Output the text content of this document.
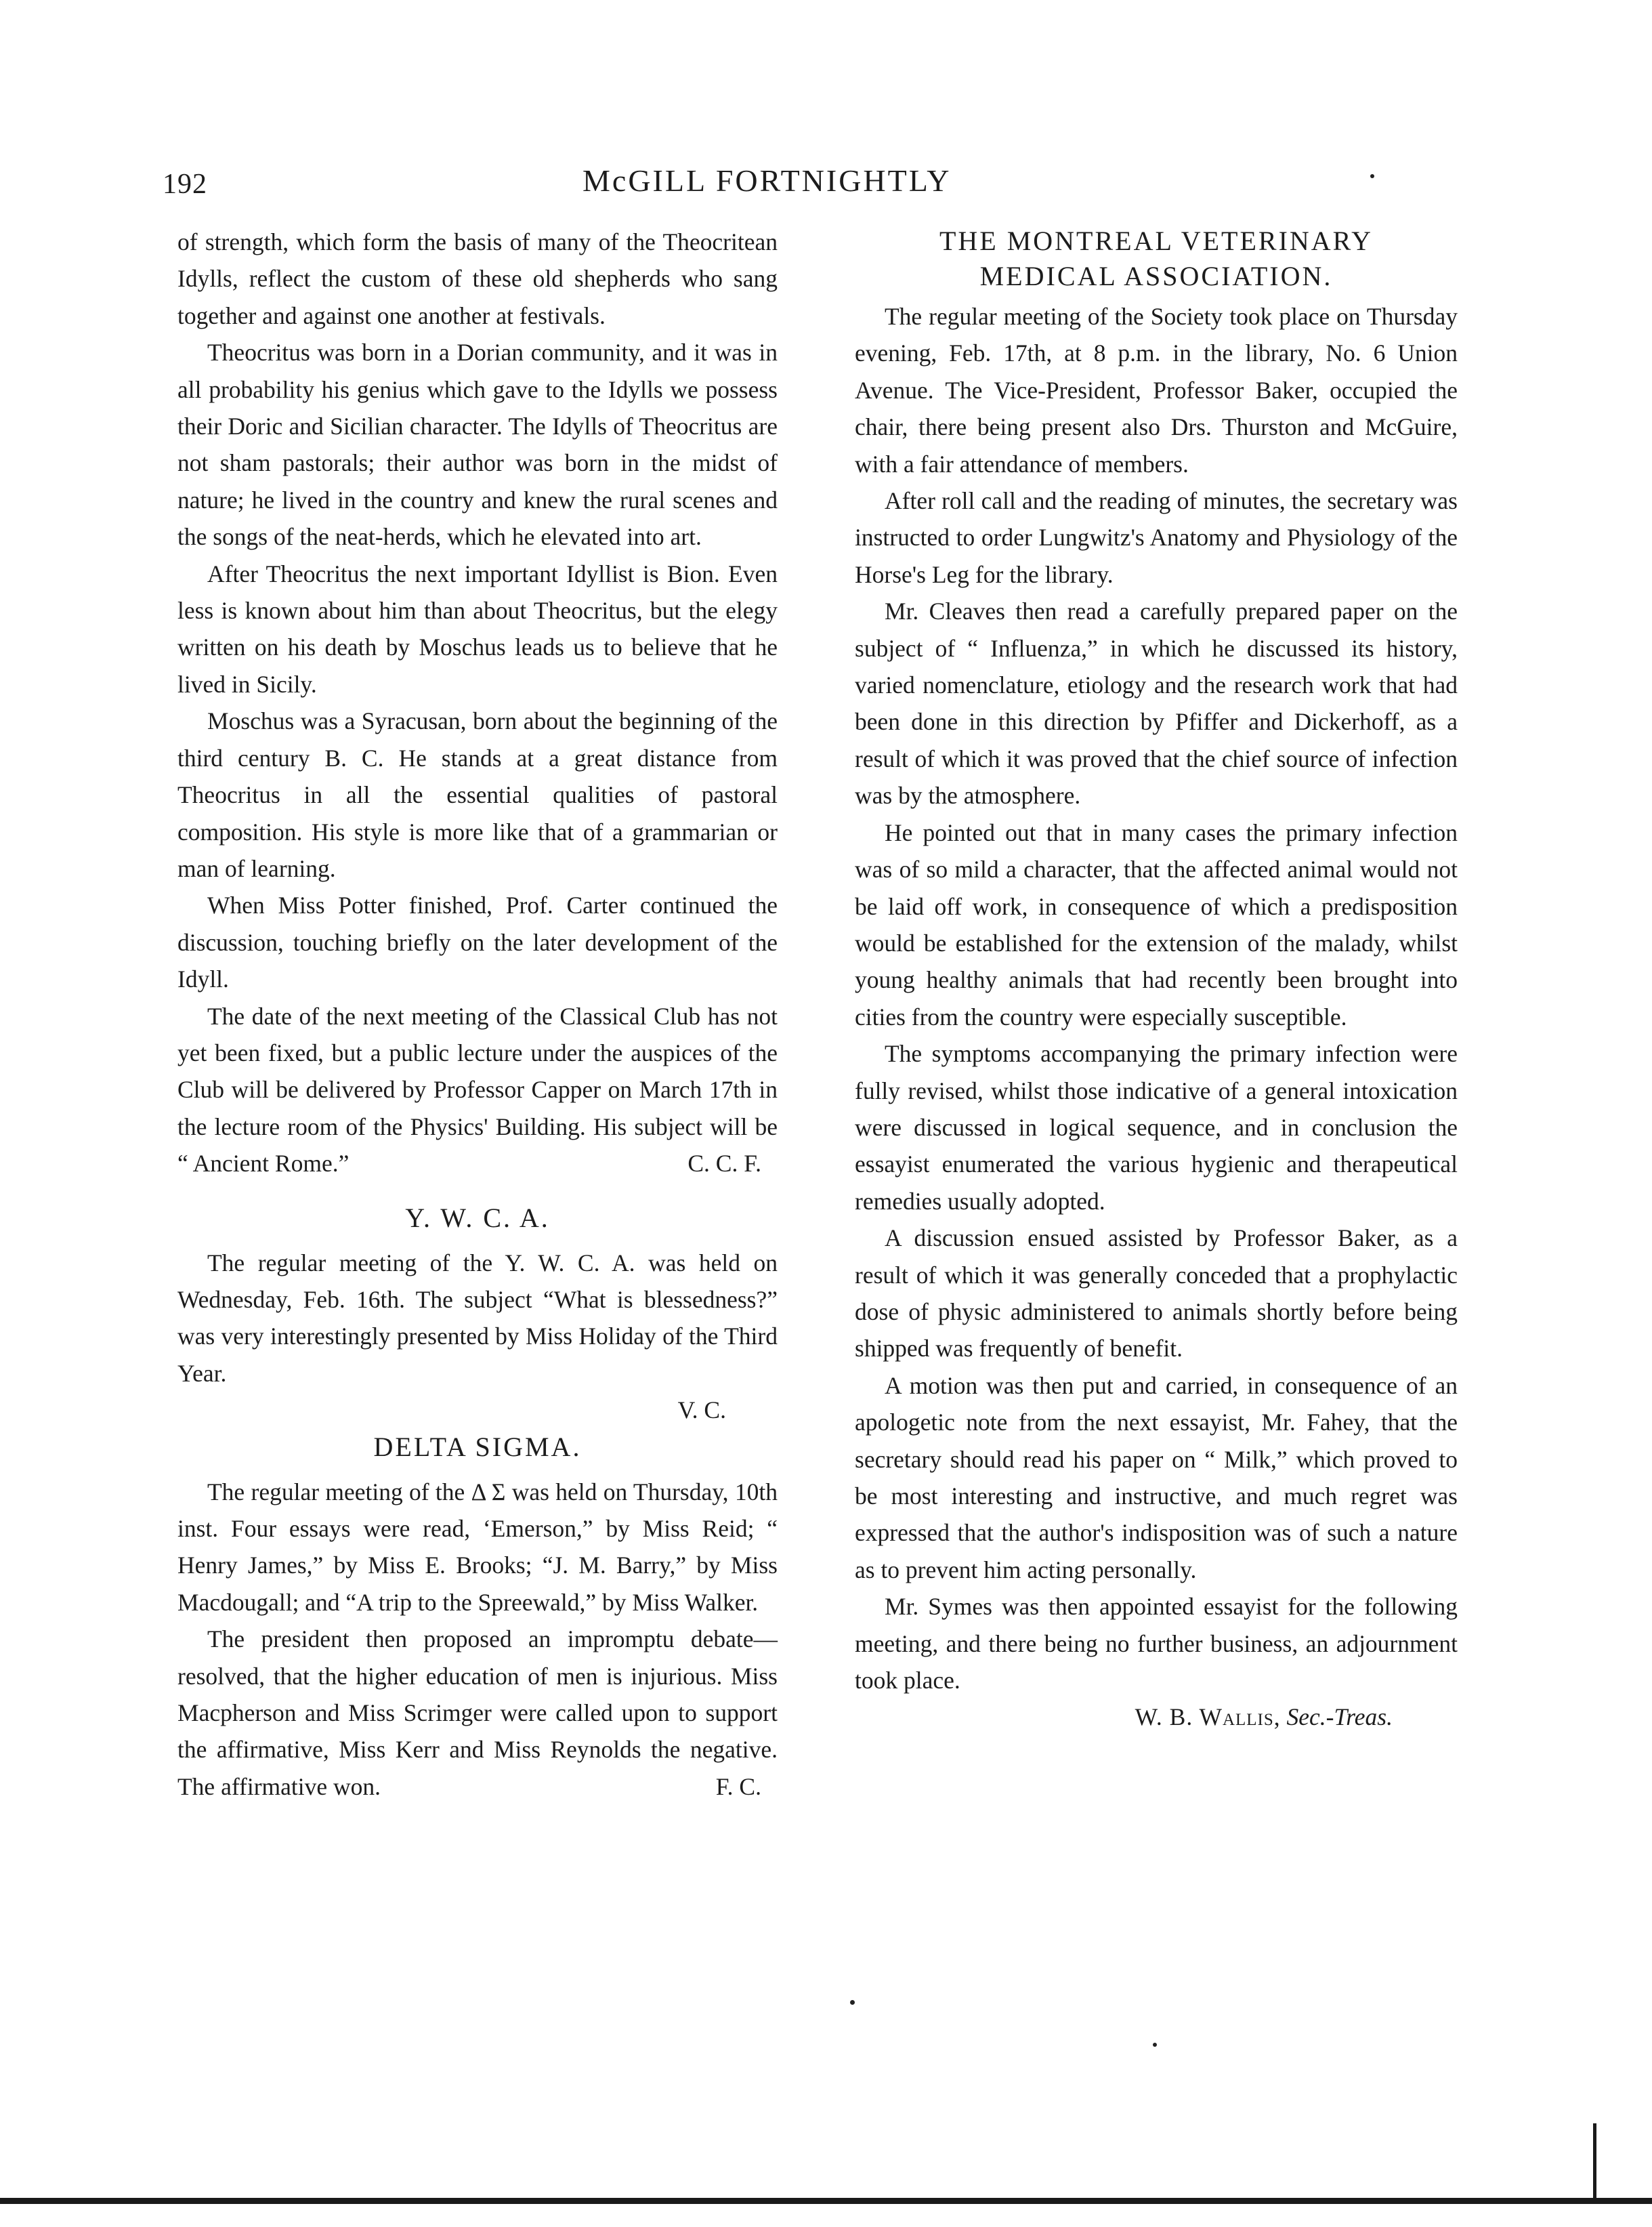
192	McGILL FORTNIGHTLY

of strength, which form the basis of many of the Theocritean Idylls, reflect the custom of these old shepherds who sang together and against one another at festivals.

Theocritus was born in a Dorian community, and it was in all probability his genius which gave to the Idylls we possess their Doric and Sicilian character. The Idylls of Theocritus are not sham pastorals; their author was born in the midst of nature; he lived in the country and knew the rural scenes and the songs of the neat-herds, which he elevated into art.

After Theocritus the next important Idyllist is Bion. Even less is known about him than about Theocritus, but the elegy written on his death by Moschus leads us to believe that he lived in Sicily.

Moschus was a Syracusan, born about the beginning of the third century B. C. He stands at a great distance from Theocritus in all the essential qualities of pastoral composition. His style is more like that of a grammarian or man of learning.

When Miss Potter finished, Prof. Carter continued the discussion, touching briefly on the later development of the Idyll.

The date of the next meeting of the Classical Club has not yet been fixed, but a public lecture under the auspices of the Club will be delivered by Professor Capper on March 17th in the lecture room of the Physics' Building. His subject will be “ Ancient Rome.”	C. C. F.

Y. W. C. A.

The regular meeting of the Y. W. C. A. was held on Wednesday, Feb. 16th. The subject “What is blessedness?” was very interestingly presented by Miss Holiday of the Third Year.

V. C.
DELTA SIGMA.

The regular meeting of the Δ Σ was held on Thursday, 10th inst. Four essays were read, ‘Emerson,” by Miss Reid; “ Henry James,” by Miss E. Brooks; “J. M. Barry,” by Miss Macdougall; and “A trip to the Spreewald,” by Miss Walker.

The president then proposed an impromptu debate—resolved, that the higher education of men is injurious. Miss Macpherson and Miss Scrimger were called upon to support the affirmative, Miss Kerr and Miss Reynolds the negative. The affirmative won.	F. C.

THE MONTREAL VETERINARY
MEDICAL ASSOCIATION.

The regular meeting of the Society took place on Thursday evening, Feb. 17th, at 8 p.m. in the library, No. 6 Union Avenue. The Vice-President, Professor Baker, occupied the chair, there being present also Drs. Thurston and McGuire, with a fair attendance of members.

After roll call and the reading of minutes, the secretary was instructed to order Lungwitz's Anatomy and Physiology of the Horse's Leg for the library.

Mr. Cleaves then read a carefully prepared paper on the subject of “ Influenza,” in which he discussed its history, varied nomenclature, etiology and the research work that had been done in this direction by Pfiffer and Dickerhoff, as a result of which it was proved that the chief source of infection was by the atmosphere.

He pointed out that in many cases the primary infection was of so mild a character, that the affected animal would not be laid off work, in consequence of which a predisposition would be established for the extension of the malady, whilst young healthy animals that had recently been brought into cities from the country were especially susceptible.

The symptoms accompanying the primary infection were fully revised, whilst those indicative of a general intoxication were discussed in logical sequence, and in conclusion the essayist enumerated the various hygienic and therapeutical remedies usually adopted.

A discussion ensued assisted by Professor Baker, as a result of which it was generally conceded that a prophylactic dose of physic administered to animals shortly before being shipped was frequently of benefit.

A motion was then put and carried, in consequence of an apologetic note from the next essayist, Mr. Fahey, that the secretary should read his paper on “ Milk,” which proved to be most interesting and instructive, and much regret was expressed that the author's indisposition was of such a nature as to prevent him acting personally.

Mr. Symes was then appointed essayist for the following meeting, and there being no further business, an adjournment took place.

W. B. Wallis, Sec.-Treas.
